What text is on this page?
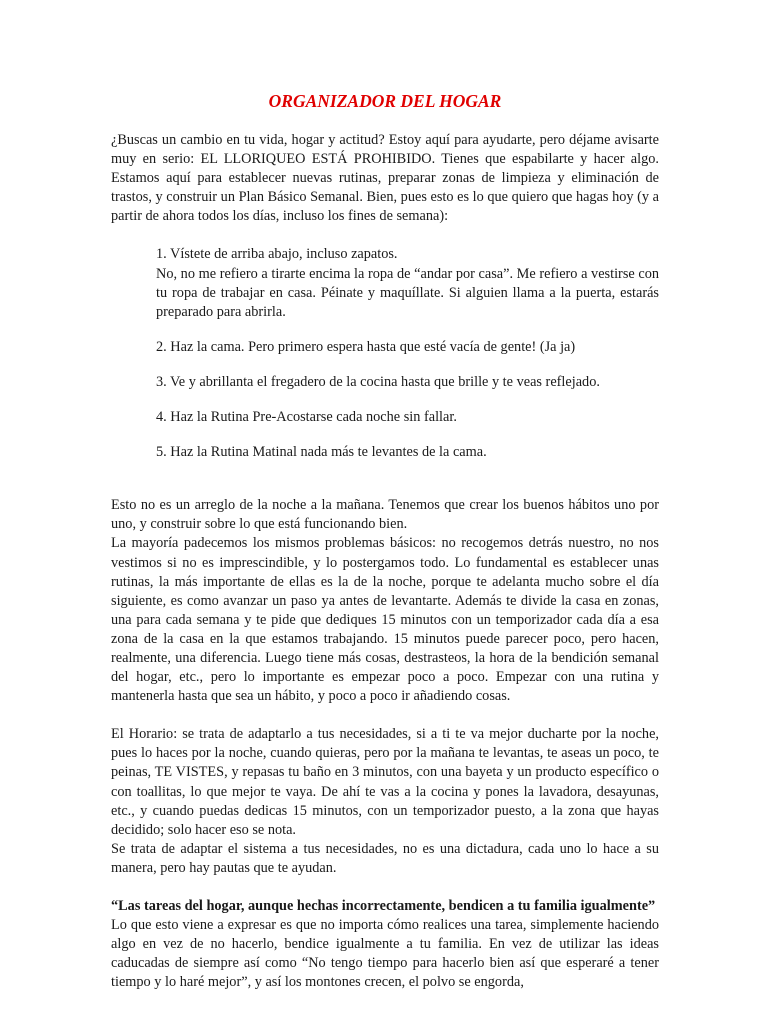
ORGANIZADOR DEL HOGAR

¿Buscas un cambio en tu vida, hogar y actitud? Estoy aquí para ayudarte, pero déjame avisarte muy en serio: EL LLORIQUEO ESTÁ PROHIBIDO. Tienes que espabilarte y hacer algo. Estamos aquí para establecer nuevas rutinas, preparar zonas de limpieza y eliminación de trastos, y construir un Plan Básico Semanal. Bien, pues esto es lo que quiero que hagas hoy (y a partir de ahora todos los días, incluso los fines de semana):

1. Vístete de arriba abajo, incluso zapatos.

No, no me refiero a tirarte encima la ropa de “andar por casa”. Me refiero a vestirse con tu ropa de trabajar en casa. Péinate y maquíllate. Si alguien llama a la puerta, estarás preparado para abrirla.

2. Haz la cama. Pero primero espera hasta que esté vacía de gente! (Ja ja)

3. Ve y abrillanta el fregadero de la cocina hasta que brille y te veas reflejado.

4. Haz la Rutina Pre-Acostarse cada noche sin fallar.

5. Haz la Rutina Matinal nada más te levantes de la cama.

Esto no es un arreglo de la noche a la mañana. Tenemos que crear los buenos hábitos uno por uno, y construir sobre lo que está funcionando bien.

La mayoría padecemos los mismos problemas básicos: no recogemos detrás nuestro, no nos vestimos si no es imprescindible, y lo postergamos todo. Lo fundamental es establecer unas rutinas, la más importante de ellas es la de la noche, porque te adelanta mucho sobre el día siguiente, es como avanzar un paso ya antes de levantarte. Además te divide la casa en zonas, una para cada semana y te pide que dediques 15 minutos con un temporizador cada día a esa zona de la casa en la que estamos trabajando. 15 minutos puede parecer poco, pero hacen, realmente, una diferencia. Luego tiene más cosas, destrasteos, la hora de la bendición semanal del hogar, etc., pero lo importante es empezar poco a poco. Empezar con una rutina y mantenerla hasta que sea un hábito, y poco a poco ir añadiendo cosas.

El Horario: se trata de adaptarlo a tus necesidades, si a ti te va mejor ducharte por la noche, pues lo haces por la noche, cuando quieras, pero por la mañana te levantas, te aseas un poco, te peinas, TE VISTES, y repasas tu baño en 3 minutos, con una bayeta y un producto específico o con toallitas, lo que mejor te vaya. De ahí te vas a la cocina y pones la lavadora, desayunas, etc., y cuando puedas dedicas 15 minutos, con un temporizador puesto, a la zona que hayas decidido; solo hacer eso se nota.

Se trata de adaptar el sistema a tus necesidades, no es una dictadura, cada uno lo hace a su manera, pero hay pautas que te ayudan.

“Las tareas del hogar, aunque hechas incorrectamente, bendicen a tu familia igualmente”

Lo que esto viene a expresar es que no importa cómo realices una tarea, simplemente haciendo algo en vez de no hacerlo, bendice igualmente a tu familia. En vez de utilizar las ideas caducadas de siempre así como “No tengo tiempo para hacerlo bien así que esperaré a tener tiempo y lo haré mejor”, y así los montones crecen, el polvo se engorda,
